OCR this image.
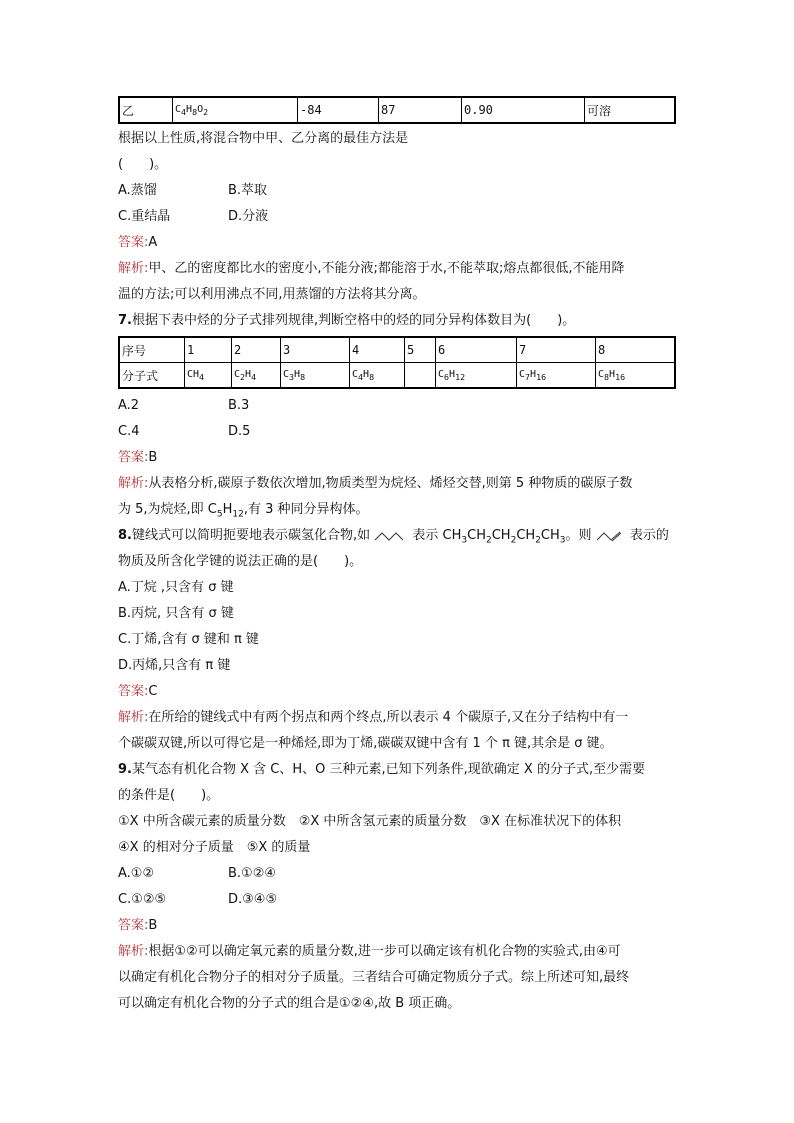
乙	$C_4H_8O_2$	-84	87	0.90	可溶
根据以上性质,将混合物中甲、乙分离的最佳方法是
(　　)。
A.蒸馏	B.萃取
C.重结晶	D.分液
答案:A
解析:甲、乙的密度都比水的密度小,不能分液;都能溶于水,不能萃取;熔点都很低,不能用降
温的方法;可以利用沸点不同,用蒸馏的方法将其分离。
7.根据下表中烃的分子式排列规律,判断空格中的烃的同分异构体数目为(　　)。
序号	1	2	3	4	5	6	7	8
分子式	$CH_4$	$C_2H_4$	$C_3H_8$	$C_4H_8$		$C_6H_{12}$	$C_7H_{16}$	$C_8H_{16}$
A.2	B.3
C.4	D.5
答案:B
解析:从表格分析,碳原子数依次增加,物质类型为烷烃、烯烃交替,则第 5 种物质的碳原子数
为 5,为烷烃,即 $C_5H_{12}$,有 3 种同分异构体。
8.键线式可以简明扼要地表示碳氢化合物,如	表示 $CH_3CH_2CH_2CH_2CH_3$。则	表示的
物质及所含化学键的说法正确的是(　　)。
A.丁烷 ,只含有 σ 键
B.丙烷, 只含有 σ 键
C.丁烯,含有 σ 键和 π 键
D.丙烯,只含有 π 键
答案:C
解析:在所给的键线式中有两个拐点和两个终点,所以表示 4 个碳原子,又在分子结构中有一
个碳碳双键,所以可得它是一种烯烃,即为丁烯,碳碳双键中含有 1 个 π 键,其余是 σ 键。
9.某气态有机化合物 X 含 C、H、O 三种元素,已知下列条件,现欲确定 X 的分子式,至少需要
的条件是(　　)。
①X 中所含碳元素的质量分数　②X 中所含氢元素的质量分数　③X 在标准状况下的体积
④X 的相对分子质量　⑤X 的质量
A.①②	B.①②④
C.①②⑤	D.③④⑤
答案:B
解析:根据①②可以确定氧元素的质量分数,进一步可以确定该有机化合物的实验式,由④可
以确定有机化合物分子的相对分子质量。三者结合可确定物质分子式。综上所述可知,最终
可以确定有机化合物的分子式的组合是①②④,故 B 项正确。
